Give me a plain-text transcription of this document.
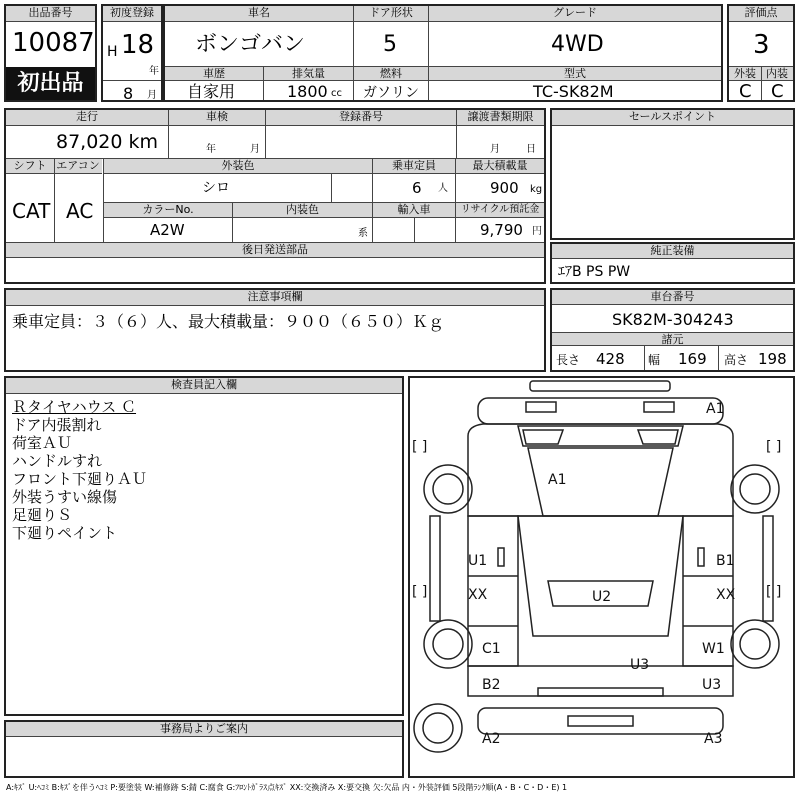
出品番号
10087
初出品
初度登録
H 18
年
8 月
車名
ボンゴバン
ドア形状
5
グレード
4WD
車歴
自家用
排気量
1800 cc
燃料
ガソリン
型式
TC-SK82M
評価点
3
外装 内装
C C
走行
87,020 km
車検
年	月
登録番号	譲渡書類期限
月	日
シフト エアコン
CAT AC
外装色
シロ
乗車定員
6 人
最大積載量
900 kg
カラーNo.
A2W
内装色
系
輸入車	リサイクル預託金
9,790 円
後日発送部品
セールスポイント
純正装備
ｴｱB PS PW
注意事項欄
乗車定員：３（６）人、最大積載量：９００（６５０）Ｋｇ
車台番号
SK82M-304243
諸元
長さ 428 幅 169 高さ 198
検査員記入欄
Ｒタイヤハウス Ｃ
ドア内張割れ
荷室ＡＵ
ハンドルすれ
フロント下廻りＡＵ
外装うすい線傷
足廻りＳ
下廻りペイント
事務局よりご案内
A1
A1
U1	B1
XX	U2	XX
C1	W1
U3
B2	U3
A2	A3
[ ]	[ ]
[ ]	[ ]
A:ｷｽﾞ U:ﾍｺﾐ B:ｷｽﾞを伴うﾍｺﾐ P:要塗装 W:補修跡 S:錆 C:腐食 G:ﾌﾛﾝﾄｶﾞﾗｽ点ｷｽﾞ XX:交換済み X:要交換 欠:欠品 内・外装評価 5段階ﾗﾝｸ順(A・B・C・D・E) 1
